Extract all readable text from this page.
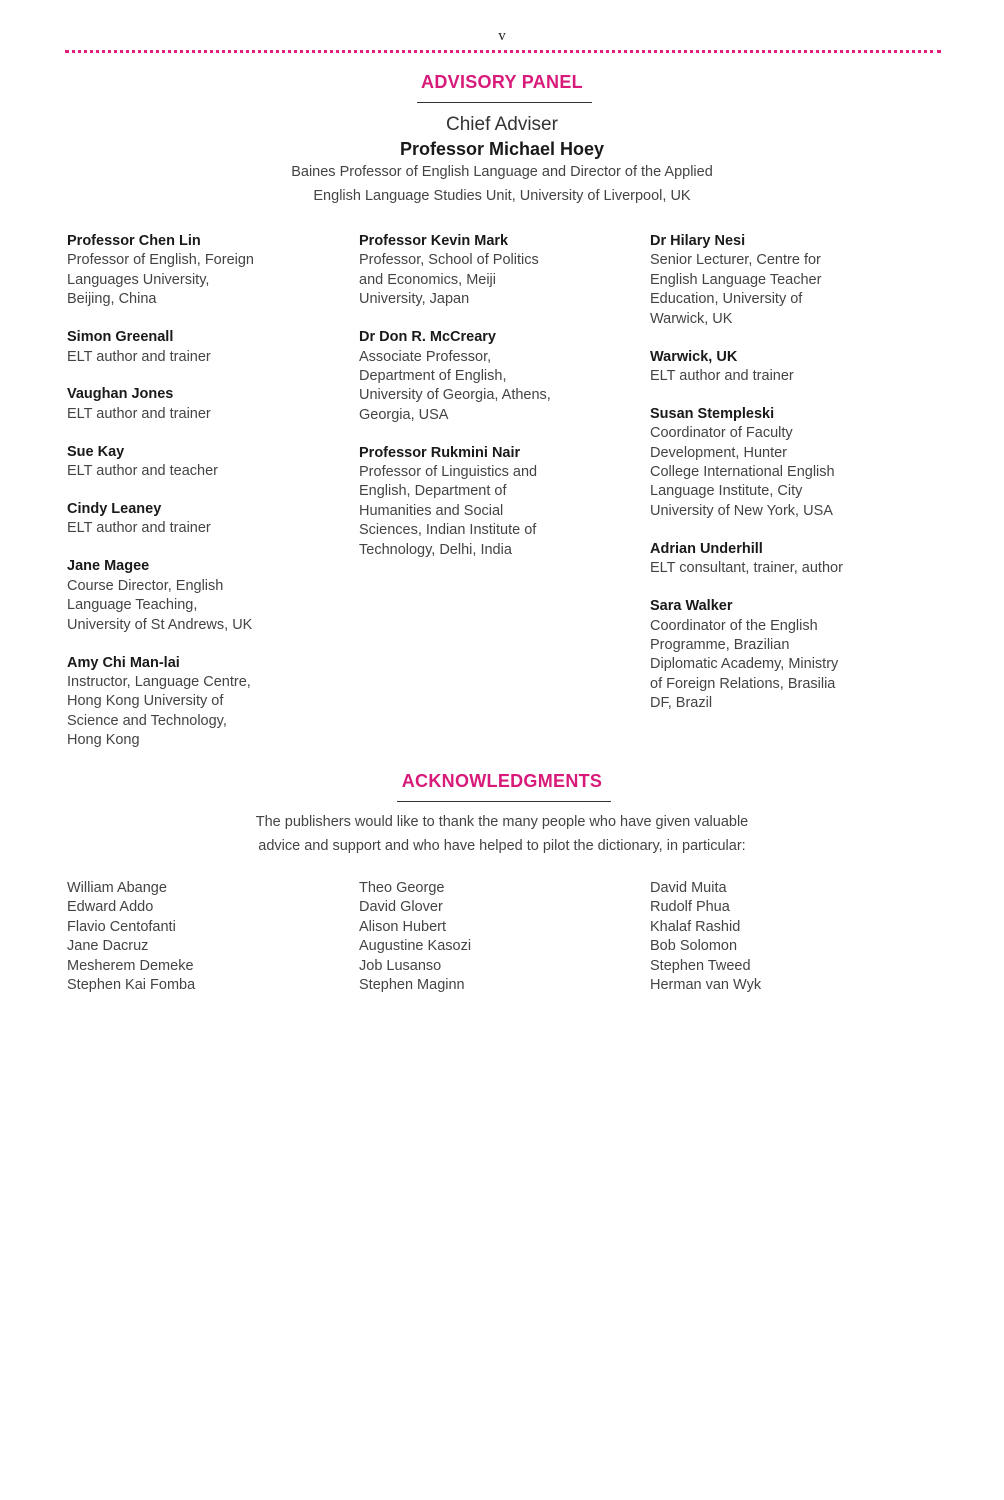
v
ADVISORY PANEL
Chief Adviser
Professor Michael Hoey
Baines Professor of English Language and Director of the Applied
English Language Studies Unit, University of Liverpool, UK
Professor Chen Lin
Professor of English, Foreign
Languages University,
Beijing, China
Simon Greenall
ELT author and trainer
Vaughan Jones
ELT author and trainer
Sue Kay
ELT author and teacher
Cindy Leaney
ELT author and trainer
Jane Magee
Course Director, English
Language Teaching,
University of St Andrews, UK
Amy Chi Man-lai
Instructor, Language Centre,
Hong Kong University of
Science and Technology,
Hong Kong
Professor Kevin Mark
Professor, School of Politics
and Economics, Meiji
University, Japan
Dr Don R. McCreary
Associate Professor,
Department of English,
University of Georgia, Athens,
Georgia, USA
Professor Rukmini Nair
Professor of Linguistics and
English, Department of
Humanities and Social
Sciences, Indian Institute of
Technology, Delhi, India
Dr Hilary Nesi
Senior Lecturer, Centre for
English Language Teacher
Education, University of
Warwick, UK
Warwick, UK
ELT author and trainer
Susan Stempleski
Coordinator of Faculty
Development, Hunter
College International English
Language Institute, City
University of New York, USA
Adrian Underhill
ELT consultant, trainer, author
Sara Walker
Coordinator of the English
Programme, Brazilian
Diplomatic Academy, Ministry
of Foreign Relations, Brasilia
DF, Brazil
ACKNOWLEDGMENTS
The publishers would like to thank the many people who have given valuable
advice and support and who have helped to pilot the dictionary, in particular:
William Abange
Edward Addo
Flavio Centofanti
Jane Dacruz
Mesherem Demeke
Stephen Kai Fomba
Theo George
David Glover
Alison Hubert
Augustine Kasozi
Job Lusanso
Stephen Maginn
David Muita
Rudolf Phua
Khalaf Rashid
Bob Solomon
Stephen Tweed
Herman van Wyk
